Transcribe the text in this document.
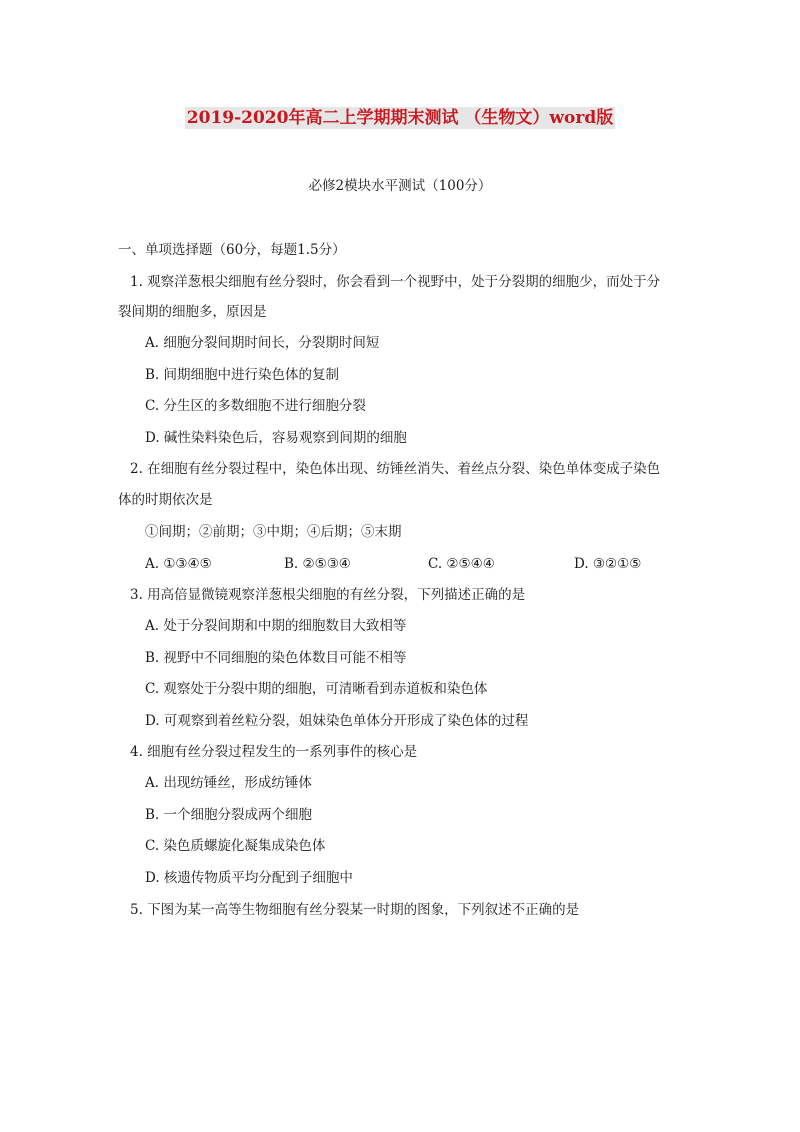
2019-2020年高二上学期期末测试 （生物文）word版
必修2模块水平测试（100分）
一、单项选择题（60分，每题1.5分）
1. 观察洋葱根尖细胞有丝分裂时，你会看到一个视野中，处于分裂期的细胞少，而处于分
裂间期的细胞多，原因是
A. 细胞分裂间期时间长，分裂期时间短
B. 间期细胞中进行染色体的复制
C. 分生区的多数细胞不进行细胞分裂
D. 碱性染料染色后，容易观察到间期的细胞
2. 在细胞有丝分裂过程中，染色体出现、纺锤丝消失、着丝点分裂、染色单体变成子染色
体的时期依次是
①间期；②前期；③中期；④后期；⑤末期
A. ①③④⑤	B. ②⑤③④	C. ②⑤④④	D. ③②①⑤
3. 用高倍显微镜观察洋葱根尖细胞的有丝分裂，下列描述正确的是
A. 处于分裂间期和中期的细胞数目大致相等
B. 视野中不同细胞的染色体数目可能不相等
C. 观察处于分裂中期的细胞，可清晰看到赤道板和染色体
D. 可观察到着丝粒分裂，姐妹染色单体分开形成了染色体的过程
4. 细胞有丝分裂过程发生的一系列事件的核心是
A. 出现纺锤丝，形成纺锤体
B. 一个细胞分裂成两个细胞
C. 染色质螺旋化凝集成染色体
D. 核遗传物质平均分配到子细胞中
5. 下图为某一高等生物细胞有丝分裂某一时期的图象，下列叙述不正确的是
